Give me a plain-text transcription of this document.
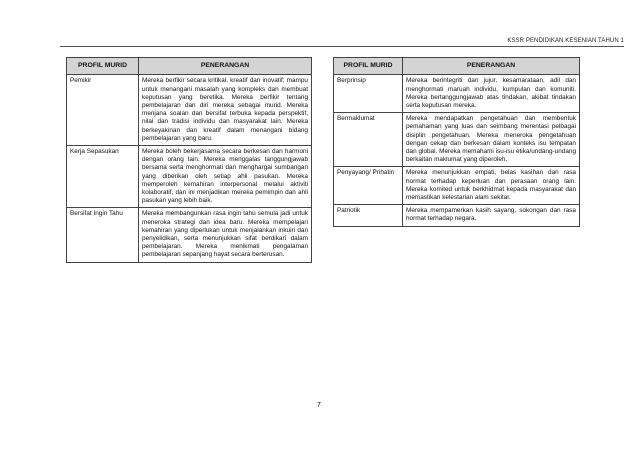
KSSR PENDIDIKAN KESENIAN TAHUN 1
PROFIL MURID	PENERANGAN
Pemikir	Mereka berfikir secara kritikal, kreatif dan inovatif; mampu untuk menangani masalah yang kompleks dan membuat keputusan yang beretika. Mereka berfikir tentang pembelajaran dan diri mereka sebagai murid. Mereka menjana soalan dan bersifat terbuka kepada perspektif, nilai dan tradisi individu dan masyarakat lain. Mereka berkeyakinan dan kreatif dalam menangani bidang pembelajaran yang baru.
Kerja Sepasukan	Mereka boleh bekerjasama secara berkesan dan harmoni dengan orang lain. Mereka menggalas tanggungjawab bersama serta menghormati dan menghargai sumbangan yang diberikan oleh setiap ahli pasukan. Mereka memperoleh kemahiran interpersonal melalui aktiviti kolaboratif, dan ini menjadikan mereka pemimpin dan ahli pasukan yang lebih baik.
Bersifat Ingin Tahu	Mereka membangunkan rasa ingin tahu semula jadi untuk meneroka strategi dan idea baru. Mereka mempelajari kemahiran yang diperlukan untuk menjalankan inkuiri dan penyelidikan, serta menunjukkan sifat berdikari dalam pembelajaran. Mereka menikmati pengalaman pembelajaran sepanjang hayat secara berterusan.
PROFIL MURID	PENERANGAN
Berprinsip	Mereka berintegriti dan jujur, kesamarataan, adil dan menghormati maruah individu, kumpulan dan komuniti. Mereka bertanggungjawab atas tindakan, akibat tindakan serta keputusan mereka.
Bermaklumat	Mereka mendapatkan pengetahuan dan membentuk pemahaman yang luas dan seimbang merentasi pelbagai disiplin pengetahuan. Mereka meneroka pengetahuan dengan cekap dan berkesan dalam konteks isu tempatan dan global. Mereka memahami isu-isu etika/undang-undang berkaitan maklumat yang diperoleh.
Penyayang/ Prihatin	Mereka menunjukkan empati, belas kasihan dan rasa hormat terhadap keperluan dan perasaan orang lain. Mereka komited untuk berkhidmat kepada masyarakat dan memastikan kelestarian alam sekitar.
Patriotik	Mereka mempamerkan kasih sayang, sokongan dan rasa hormat terhadap negara.
7
